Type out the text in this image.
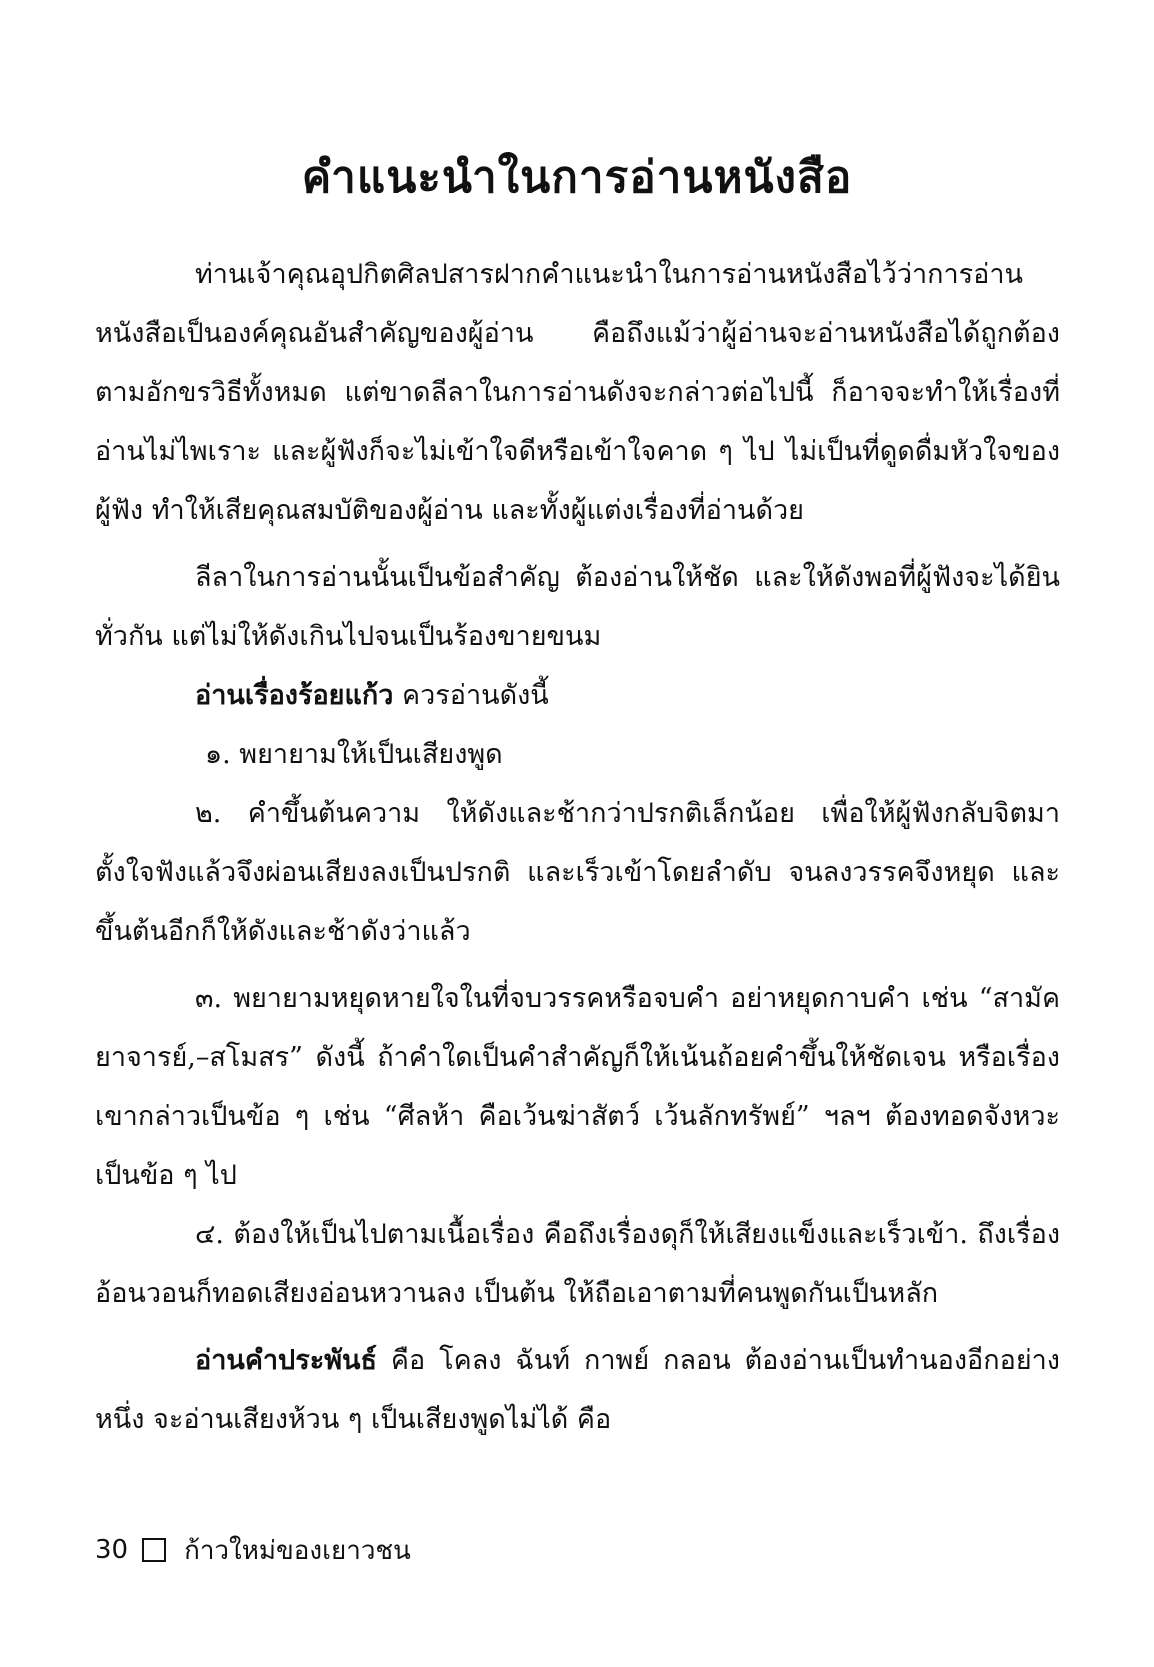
คำแนะนำในการอ่านหนังสือ

ท่านเจ้าคุณอุปกิตศิลปสารฝากคำแนะนำในการอ่านหนังสือไว้ว่าการอ่านหนังสือเป็นองค์คุณอันสำคัญของผู้อ่าน คือถึงแม้ว่าผู้อ่านจะอ่านหนังสือได้ถูกต้องตามอักขรวิธีทั้งหมด แต่ขาดลีลาในการอ่านดังจะกล่าวต่อไปนี้ ก็อาจจะทำให้เรื่องที่อ่านไม่ไพเราะ และผู้ฟังก็จะไม่เข้าใจดีหรือเข้าใจคาด ๆ ไป ไม่เป็นที่ดูดดื่มหัวใจของผู้ฟัง ทำให้เสียคุณสมบัติของผู้อ่าน และทั้งผู้แต่งเรื่องที่อ่านด้วย

ลีลาในการอ่านนั้นเป็นข้อสำคัญ ต้องอ่านให้ชัด และให้ดังพอที่ผู้ฟังจะได้ยินทั่วกัน แต่ไม่ให้ดังเกินไปจนเป็นร้องขายขนม

อ่านเรื่องร้อยแก้ว ควรอ่านดังนี้

๑. พยายามให้เป็นเสียงพูด

๒. คำขึ้นต้นความ ให้ดังและช้ากว่าปรกติเล็กน้อย เพื่อให้ผู้ฟังกลับจิตมาตั้งใจฟังแล้วจึงผ่อนเสียงลงเป็นปรกติ และเร็วเข้าโดยลำดับ จนลงวรรคจึงหยุด และขึ้นต้นอีกก็ให้ดังและช้าดังว่าแล้ว

๓. พยายามหยุดหายใจในที่จบวรรคหรือจบคำ อย่าหยุดกาบคำ เช่น “สามัคยาจารย์,–สโมสร” ดังนี้ ถ้าคำใดเป็นคำสำคัญก็ให้เน้นถ้อยคำขึ้นให้ชัดเจน หรือเรื่องเขากล่าวเป็นข้อ ๆ เช่น “ศีลห้า คือเว้นฆ่าสัตว์ เว้นลักทรัพย์” ฯลฯ ต้องทอดจังหวะเป็นข้อ ๆ ไป

๔. ต้องให้เป็นไปตามเนื้อเรื่อง คือถึงเรื่องดุก็ให้เสียงแข็งและเร็วเข้า. ถึงเรื่องอ้อนวอนก็ทอดเสียงอ่อนหวานลง เป็นต้น ให้ถือเอาตามที่คนพูดกันเป็นหลัก

อ่านคำประพันธ์ คือ โคลง ฉันท์ กาพย์ กลอน ต้องอ่านเป็นทำนองอีกอย่างหนึ่ง จะอ่านเสียงห้วน ๆ เป็นเสียงพูดไม่ได้ คือ

30 ก้าวใหม่ของเยาวชน
